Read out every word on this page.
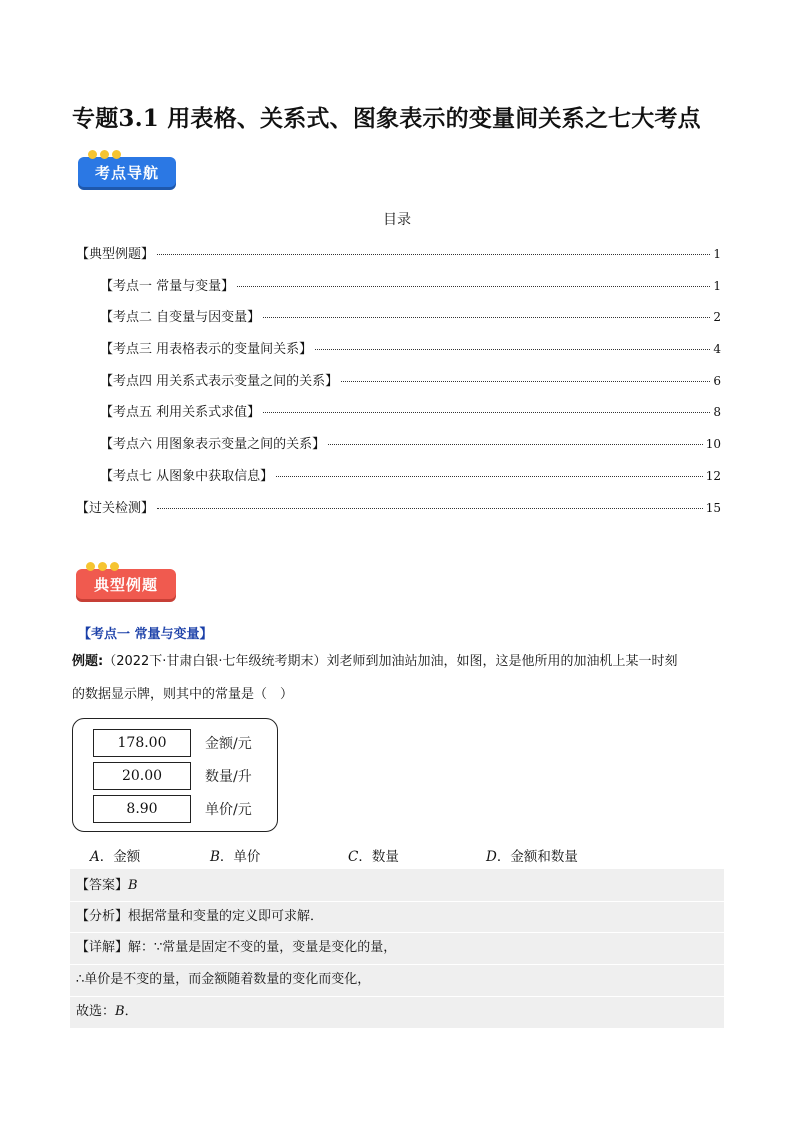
专题3.1 用表格、关系式、图象表示的变量间关系之七大考点
考点导航
目录
【典型例题】	1
【考点一 常量与变量】	1
【考点二 自变量与因变量】	2
【考点三 用表格表示的变量间关系】	4
【考点四 用关系式表示变量之间的关系】	6
【考点五 利用关系式求值】	8
【考点六 用图象表示变量之间的关系】	10
【考点七 从图象中获取信息】	12
【过关检测】	15
典型例题
【考点一 常量与变量】
例题:（2022下·甘肃白银·七年级统考期末）刘老师到加油站加油，如图，这是他所用的加油机上某一时刻
的数据显示牌，则其中的常量是（　）
178.00	金额/元
20.00	数量/升
8.90	单价/元
A．金额	B．单价	C．数量	D．金额和数量
【答案】B
【分析】根据常量和变量的定义即可求解．
【详解】解：∵常量是固定不变的量，变量是变化的量，
∴单价是不变的量，而金额随着数量的变化而变化，
故选：B．
